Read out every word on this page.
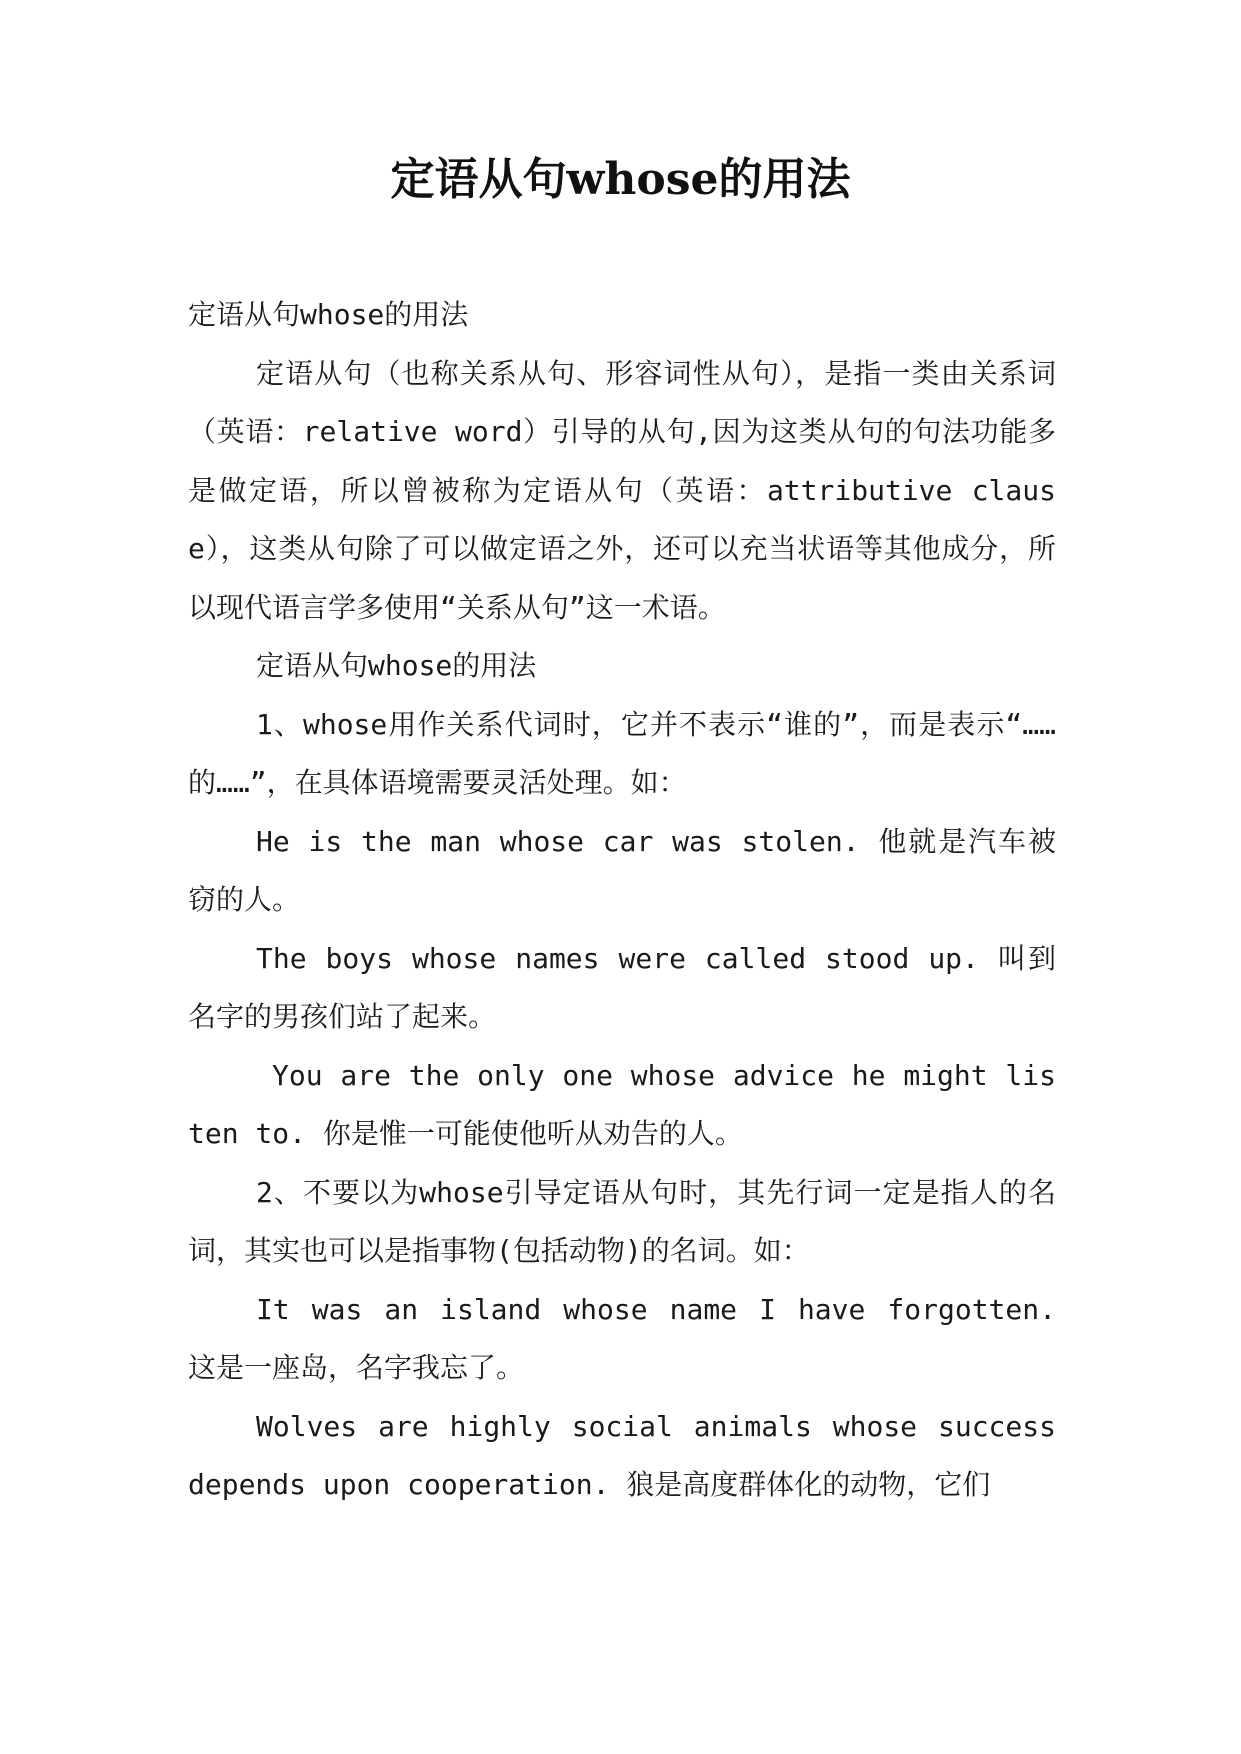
定语从句whose的用法

定语从句whose的用法

定语从句（也称关系从句、形容词性从句），是指一类由关系词（英语：relative word）引导的从句,因为这类从句的句法功能多是做定语，所以曾被称为定语从句（英语：attributive clause），这类从句除了可以做定语之外，还可以充当状语等其他成分，所以现代语言学多使用“关系从句”这一术语。

定语从句whose的用法

1、whose用作关系代词时，它并不表示“谁的”，而是表示“……的……”，在具体语境需要灵活处理。如：

He is the man whose car was stolen. 他就是汽车被窃的人。

The boys whose names were called stood up. 叫到名字的男孩们站了起来。

You are the only one whose advice he might listen to. 你是惟一可能使他听从劝告的人。

2、不要以为whose引导定语从句时，其先行词一定是指人的名词，其实也可以是指事物(包括动物)的名词。如：

It was an island whose name I have forgotten. 这是一座岛，名字我忘了。

Wolves are highly social animals whose success depends upon cooperation. 狼是高度群体化的动物，它们
